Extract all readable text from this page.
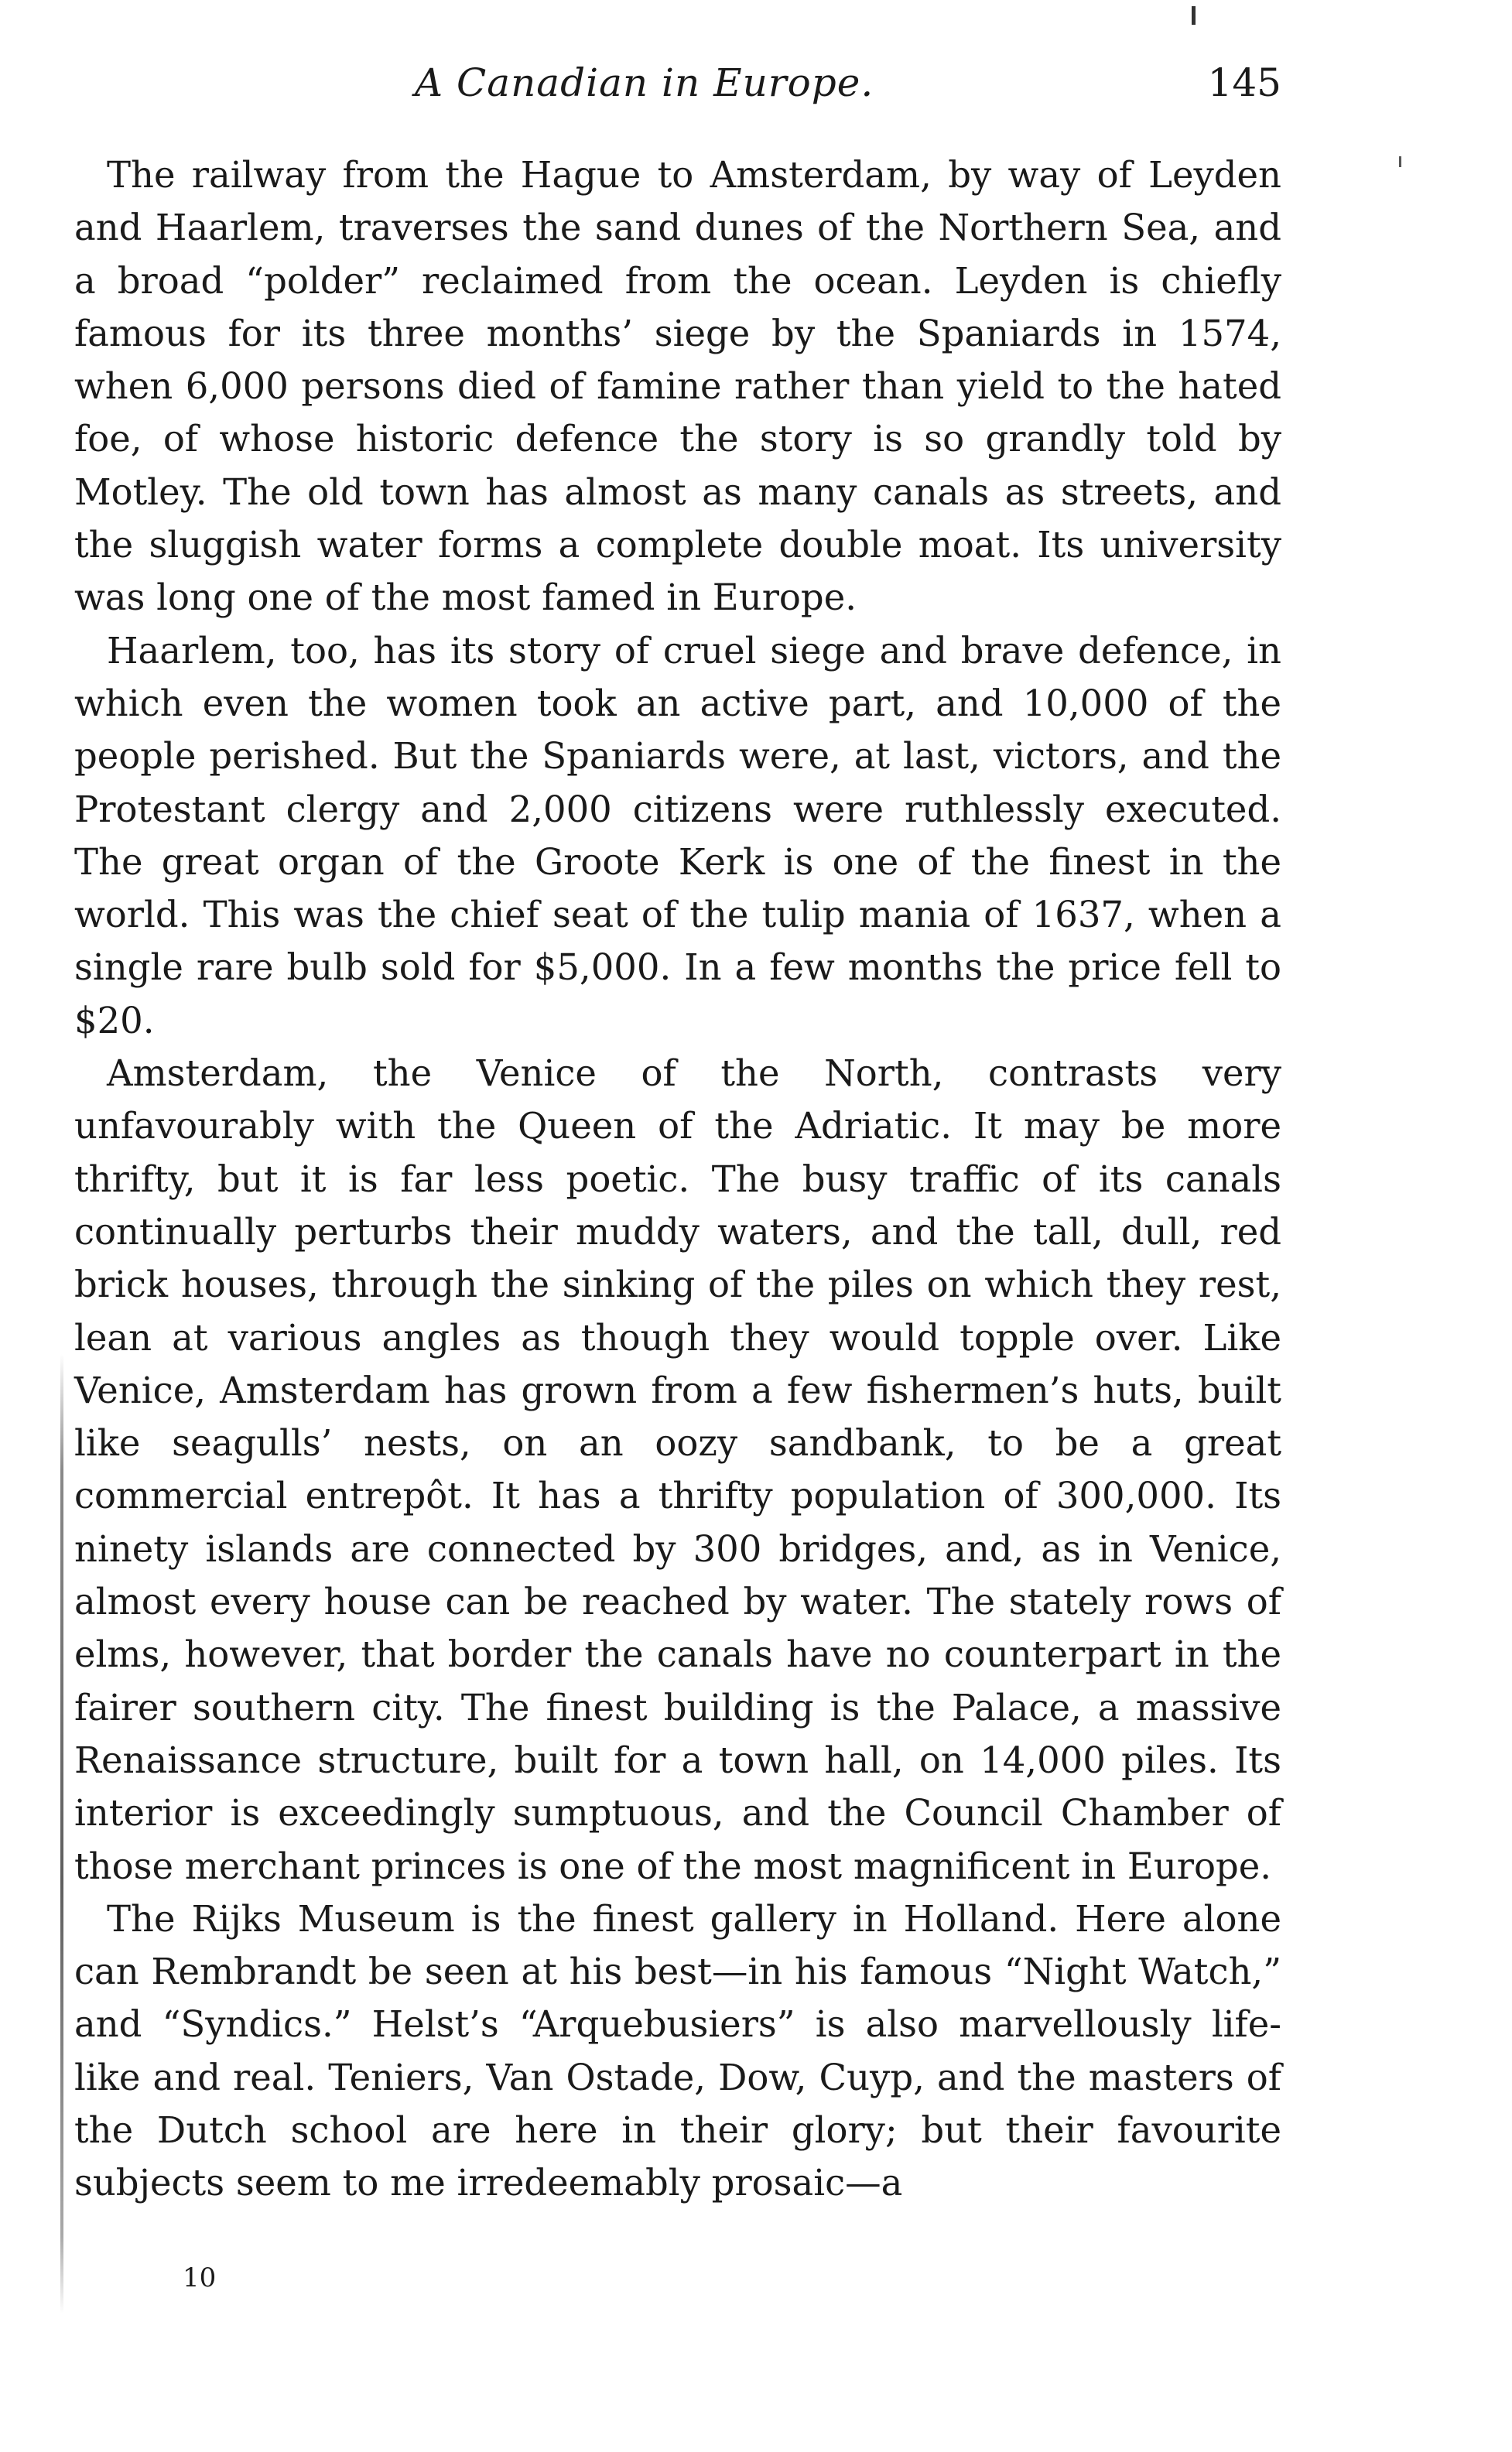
A Canadian in Europe.	145

The railway from the Hague to Amsterdam, by way of Leyden and Haarlem, traverses the sand dunes of the Northern Sea, and a broad “polder” reclaimed from the ocean. Leyden is chiefly famous for its three months’ siege by the Spaniards in 1574, when 6,000 persons died of famine rather than yield to the hated foe, of whose historic defence the story is so grandly told by Motley. The old town has almost as many canals as streets, and the sluggish water forms a complete double moat. Its university was long one of the most famed in Europe.

Haarlem, too, has its story of cruel siege and brave defence, in which even the women took an active part, and 10,000 of the people perished. But the Spaniards were, at last, victors, and the Protestant clergy and 2,000 citizens were ruthlessly executed. The great organ of the Groote Kerk is one of the finest in the world. This was the chief seat of the tulip mania of 1637, when a single rare bulb sold for $5,000. In a few months the price fell to $20.

Amsterdam, the Venice of the North, contrasts very unfavourably with the Queen of the Adriatic. It may be more thrifty, but it is far less poetic. The busy traffic of its canals continually perturbs their muddy waters, and the tall, dull, red brick houses, through the sinking of the piles on which they rest, lean at various angles as though they would topple over. Like Venice, Amsterdam has grown from a few fishermen’s huts, built like seagulls’ nests, on an oozy sandbank, to be a great commercial entrepôt. It has a thrifty population of 300,000. Its ninety islands are connected by 300 bridges, and, as in Venice, almost every house can be reached by water. The stately rows of elms, however, that border the canals have no counterpart in the fairer southern city. The finest building is the Palace, a massive Renaissance structure, built for a town hall, on 14,000 piles. Its interior is exceedingly sumptuous, and the Council Chamber of those merchant princes is one of the most magnificent in Europe.

The Rijks Museum is the finest gallery in Holland. Here alone can Rembrandt be seen at his best—in his famous “Night Watch,” and “Syndics.” Helst’s “Arquebusiers” is also marvellously life-like and real. Teniers, Van Ostade, Dow, Cuyp, and the masters of the Dutch school are here in their glory; but their favourite subjects seem to me irredeemably prosaic—a

10
